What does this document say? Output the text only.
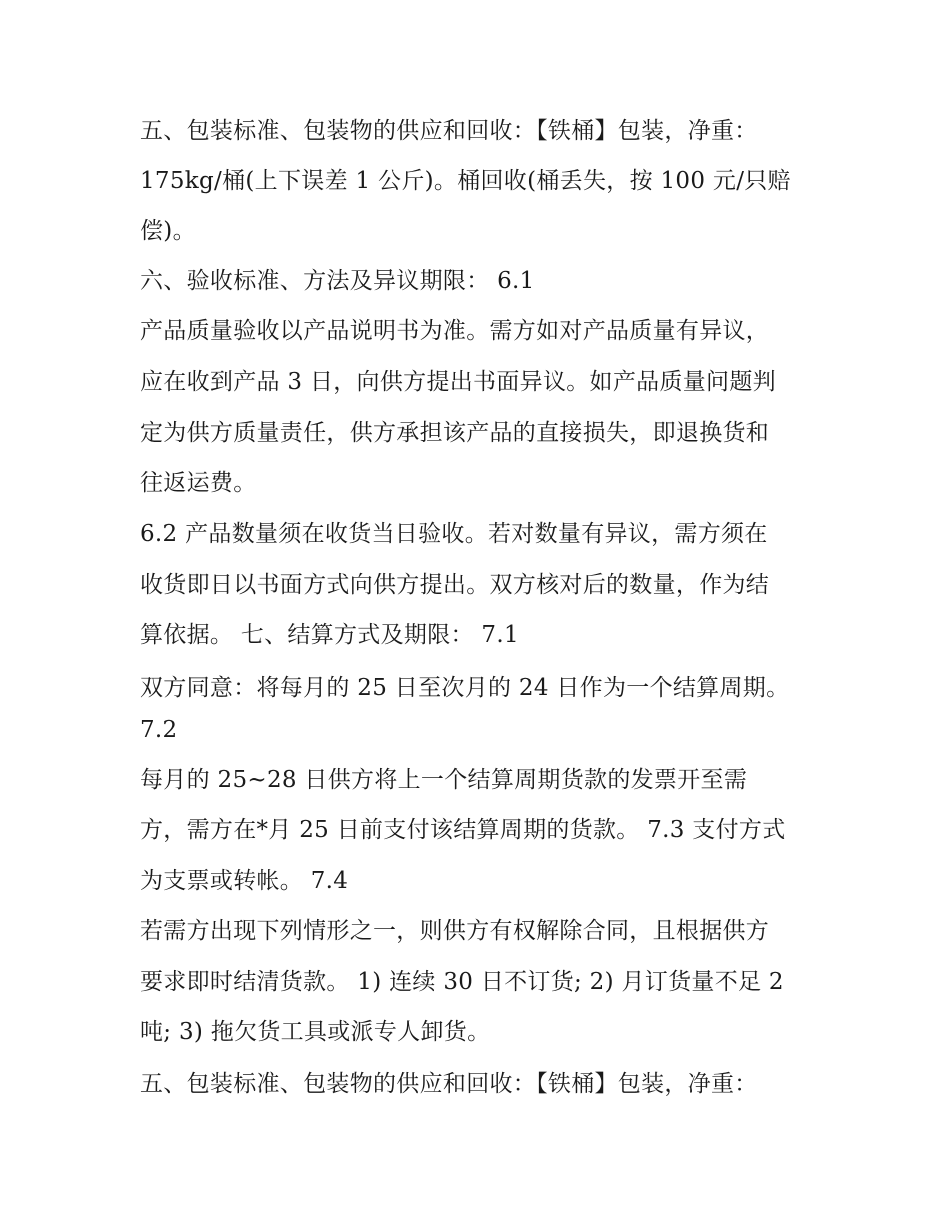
五、包装标准、包装物的供应和回收：【铁桶】包装，净重：
175kg/桶(上下误差 1 公斤)。桶回收(桶丢失，按 100 元/只赔
偿)。
六、验收标准、方法及异议期限： 6.1
产品质量验收以产品说明书为准。需方如对产品质量有异议，
应在收到产品 3 日，向供方提出书面异议。如产品质量问题判
定为供方质量责任，供方承担该产品的直接损失，即退换货和
往返运费。
6.2 产品数量须在收货当日验收。若对数量有异议，需方须在
收货即日以书面方式向供方提出。双方核对后的数量，作为结
算依据。 七、结算方式及期限： 7.1
双方同意：将每月的 25 日至次月的 24 日作为一个结算周期。
7.2
每月的 25~28 日供方将上一个结算周期货款的发票开至需
方，需方在*月 25 日前支付该结算周期的货款。 7.3 支付方式
为支票或转帐。 7.4
若需方出现下列情形之一，则供方有权解除合同，且根据供方
要求即时结清货款。 1) 连续 30 日不订货; 2) 月订货量不足 2
吨; 3) 拖欠货工具或派专人卸货。
五、包装标准、包装物的供应和回收：【铁桶】包装，净重：
